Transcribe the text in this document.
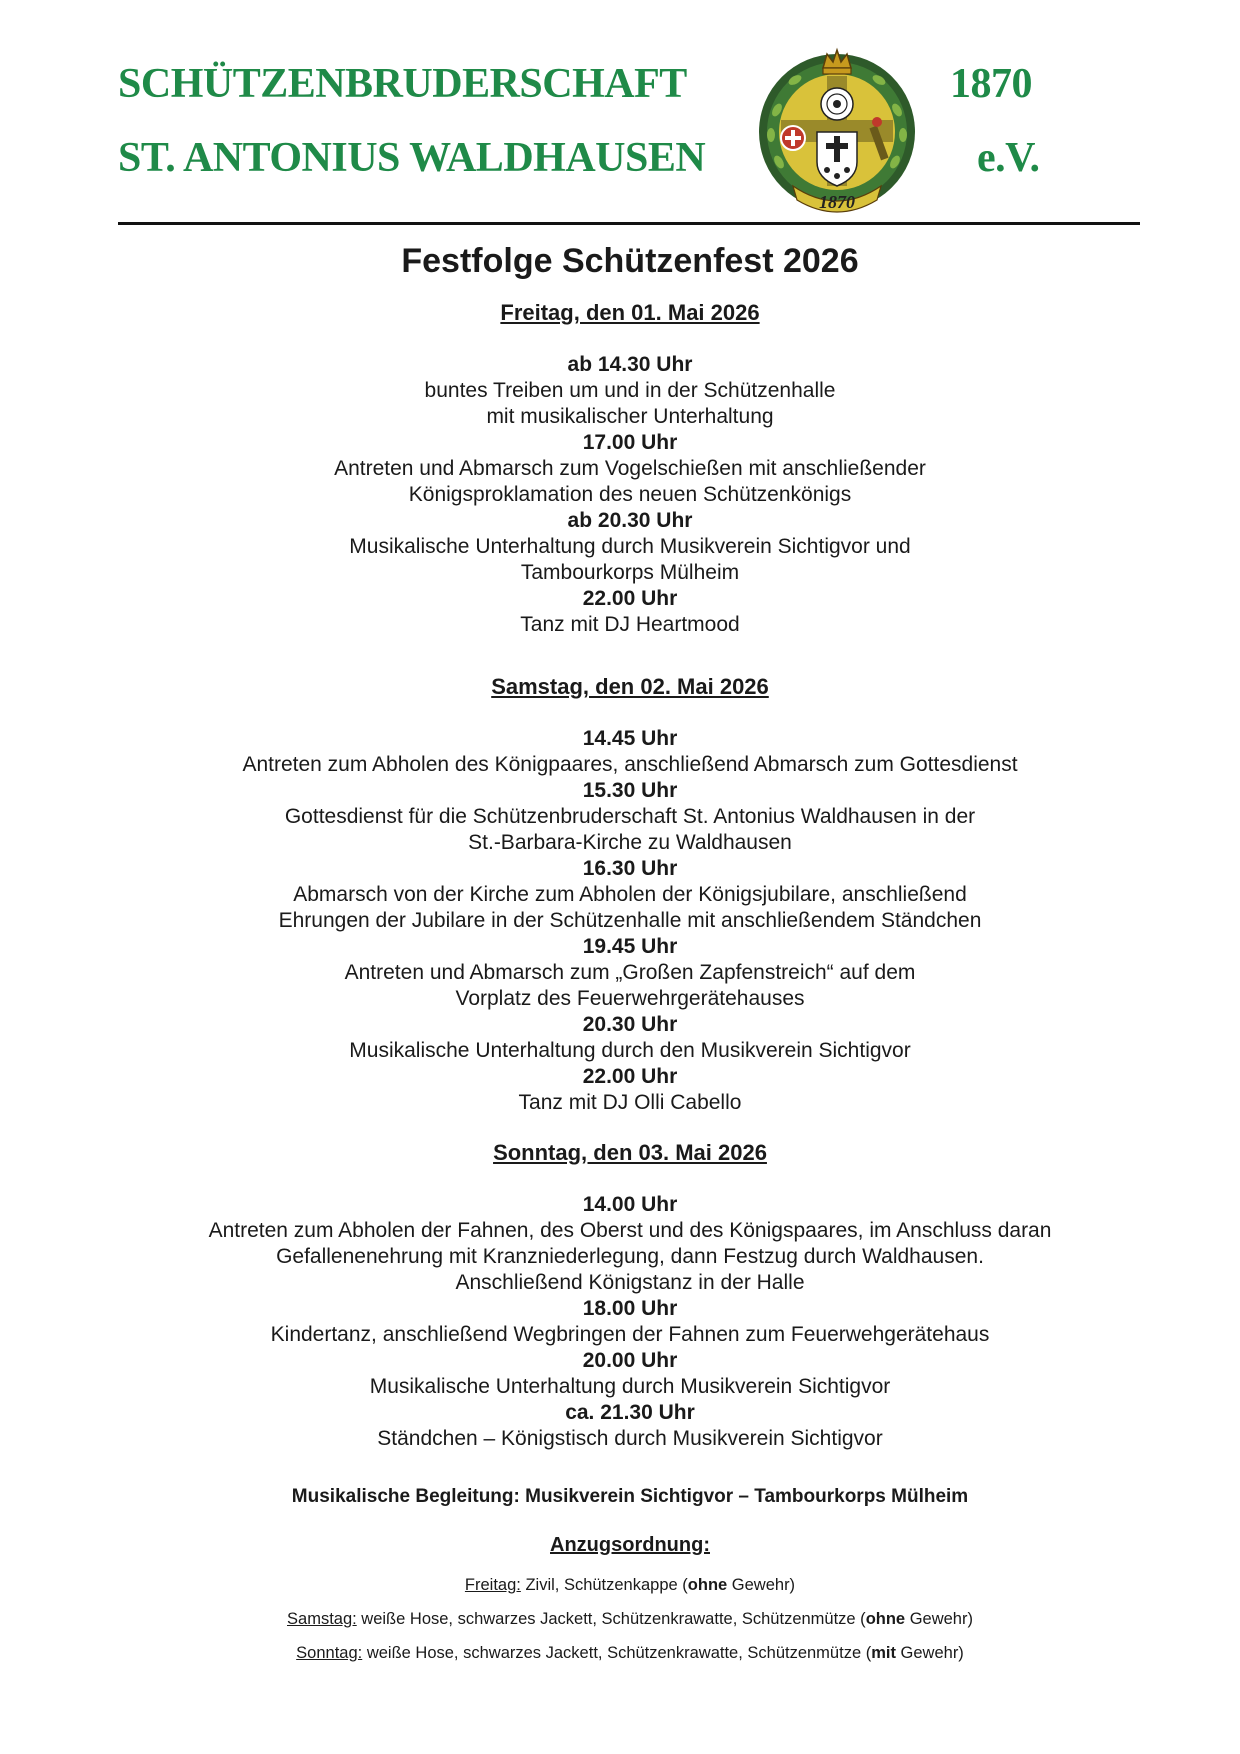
SCHÜTZENBRUDERSCHAFT
ST. ANTONIUS WALDHAUSEN
1870
e.V.
1870
Festfolge Schützenfest 2026
Freitag, den 01. Mai 2026
ab 14.30 Uhr
buntes Treiben um und in der Schützenhalle
mit musikalischer Unterhaltung
17.00 Uhr
Antreten und Abmarsch zum Vogelschießen mit anschließender
Königsproklamation des neuen Schützenkönigs
ab 20.30 Uhr
Musikalische Unterhaltung durch Musikverein Sichtigvor und
Tambourkorps Mülheim
22.00 Uhr
Tanz mit DJ Heartmood
Samstag, den 02. Mai 2026
14.45 Uhr
Antreten zum Abholen des Königpaares, anschließend Abmarsch zum Gottesdienst
15.30 Uhr
Gottesdienst für die Schützenbruderschaft St. Antonius Waldhausen in der
St.-Barbara-Kirche zu Waldhausen
16.30 Uhr
Abmarsch von der Kirche zum Abholen der Königsjubilare, anschließend
Ehrungen der Jubilare in der Schützenhalle mit anschließendem Ständchen
19.45 Uhr
Antreten und Abmarsch zum „Großen Zapfenstreich“ auf dem
Vorplatz des Feuerwehrgerätehauses
20.30 Uhr
Musikalische Unterhaltung durch den Musikverein Sichtigvor
22.00 Uhr
Tanz mit DJ Olli Cabello
Sonntag, den 03. Mai 2026
14.00 Uhr
Antreten zum Abholen der Fahnen, des Oberst und des Königspaares, im Anschluss daran
Gefallenenehrung mit Kranzniederlegung, dann Festzug durch Waldhausen.
Anschließend Königstanz in der Halle
18.00 Uhr
Kindertanz, anschließend Wegbringen der Fahnen zum Feuerwehgerätehaus
20.00 Uhr
Musikalische Unterhaltung durch Musikverein Sichtigvor
ca. 21.30 Uhr
Ständchen – Königstisch durch Musikverein Sichtigvor
Musikalische Begleitung: Musikverein Sichtigvor – Tambourkorps Mülheim
Anzugsordnung:
Freitag: Zivil, Schützenkappe (ohne Gewehr)
Samstag: weiße Hose, schwarzes Jackett, Schützenkrawatte, Schützenmütze (ohne Gewehr)
Sonntag: weiße Hose, schwarzes Jackett, Schützenkrawatte, Schützenmütze (mit Gewehr)
